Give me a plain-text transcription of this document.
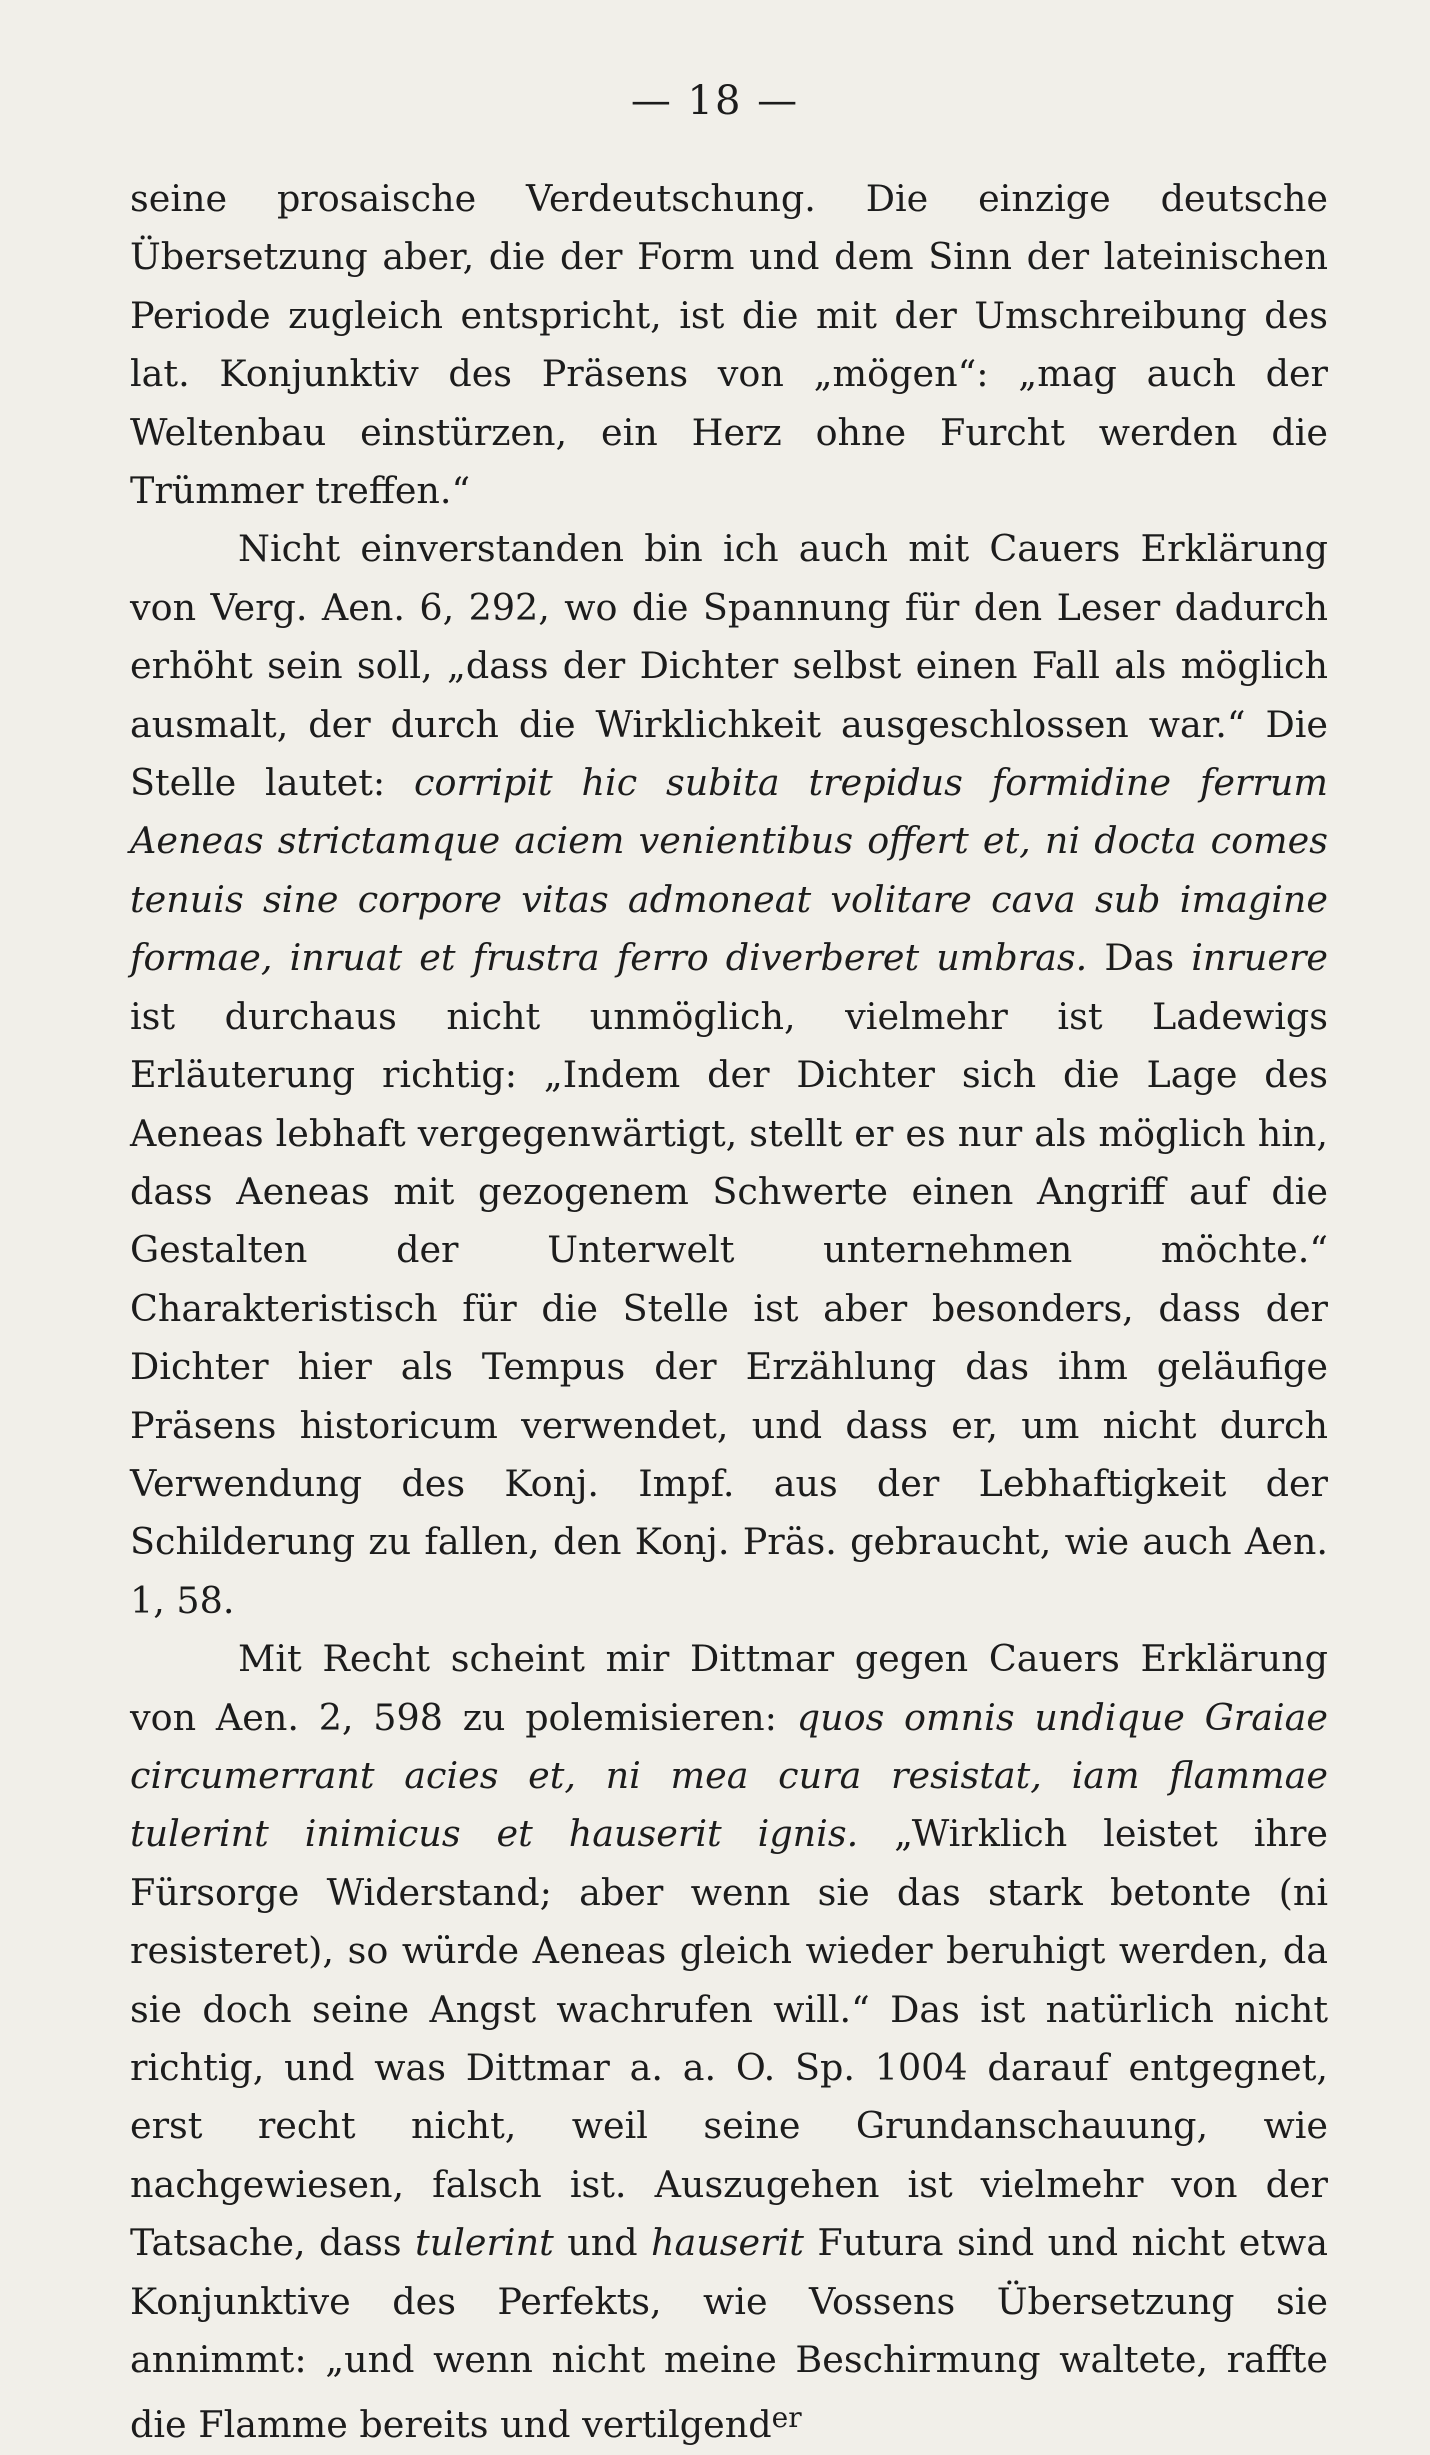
— 18 —

seine prosaische Verdeutschung. Die einzige deutsche Übersetzung aber, die der Form und dem Sinn der lateinischen Periode zugleich entspricht, ist die mit der Umschreibung des lat. Konjunktiv des Präsens von „mögen“: „mag auch der Weltenbau einstürzen, ein Herz ohne Furcht werden die Trümmer treffen.“

Nicht einverstanden bin ich auch mit Cauers Erklärung von Verg. Aen. 6, 292, wo die Spannung für den Leser dadurch erhöht sein soll, „dass der Dichter selbst einen Fall als möglich ausmalt, der durch die Wirklichkeit ausgeschlossen war.“ Die Stelle lautet: corripit hic subita trepidus formidine ferrum Aeneas strictamque aciem venientibus offert et, ni docta comes tenuis sine corpore vitas admoneat volitare cava sub imagine formae, inruat et frustra ferro diverberet umbras. Das inruere ist durchaus nicht unmöglich, vielmehr ist Ladewigs Erläuterung richtig: „Indem der Dichter sich die Lage des Aeneas lebhaft vergegenwärtigt, stellt er es nur als möglich hin, dass Aeneas mit gezogenem Schwerte einen Angriff auf die Gestalten der Unterwelt unternehmen möchte.“ Charakteristisch für die Stelle ist aber besonders, dass der Dichter hier als Tempus der Erzählung das ihm geläufige Präsens historicum verwendet, und dass er, um nicht durch Verwendung des Konj. Impf. aus der Lebhaftigkeit der Schilderung zu fallen, den Konj. Präs. gebraucht, wie auch Aen. 1, 58.

Mit Recht scheint mir Dittmar gegen Cauers Erklärung von Aen. 2, 598 zu polemisieren: quos omnis undique Graiae circumerrant acies et, ni mea cura resistat, iam flammae tulerint inimicus et hauserit ignis. „Wirklich leistet ihre Fürsorge Widerstand; aber wenn sie das stark betonte (ni resisteret), so würde Aeneas gleich wieder beruhigt werden, da sie doch seine Angst wachrufen will.“ Das ist natürlich nicht richtig, und was Dittmar a. a. O. Sp. 1004 darauf entgegnet, erst recht nicht, weil seine Grundanschauung, wie nachgewiesen, falsch ist. Auszugehen ist vielmehr von der Tatsache, dass tulerint und hauserit Futura sind und nicht etwa Konjunktive des Perfekts, wie Vossens Übersetzung sie annimmt: „und wenn nicht meine Beschirmung waltete, raffte die Flamme bereits und vertilgend$^{er}$
